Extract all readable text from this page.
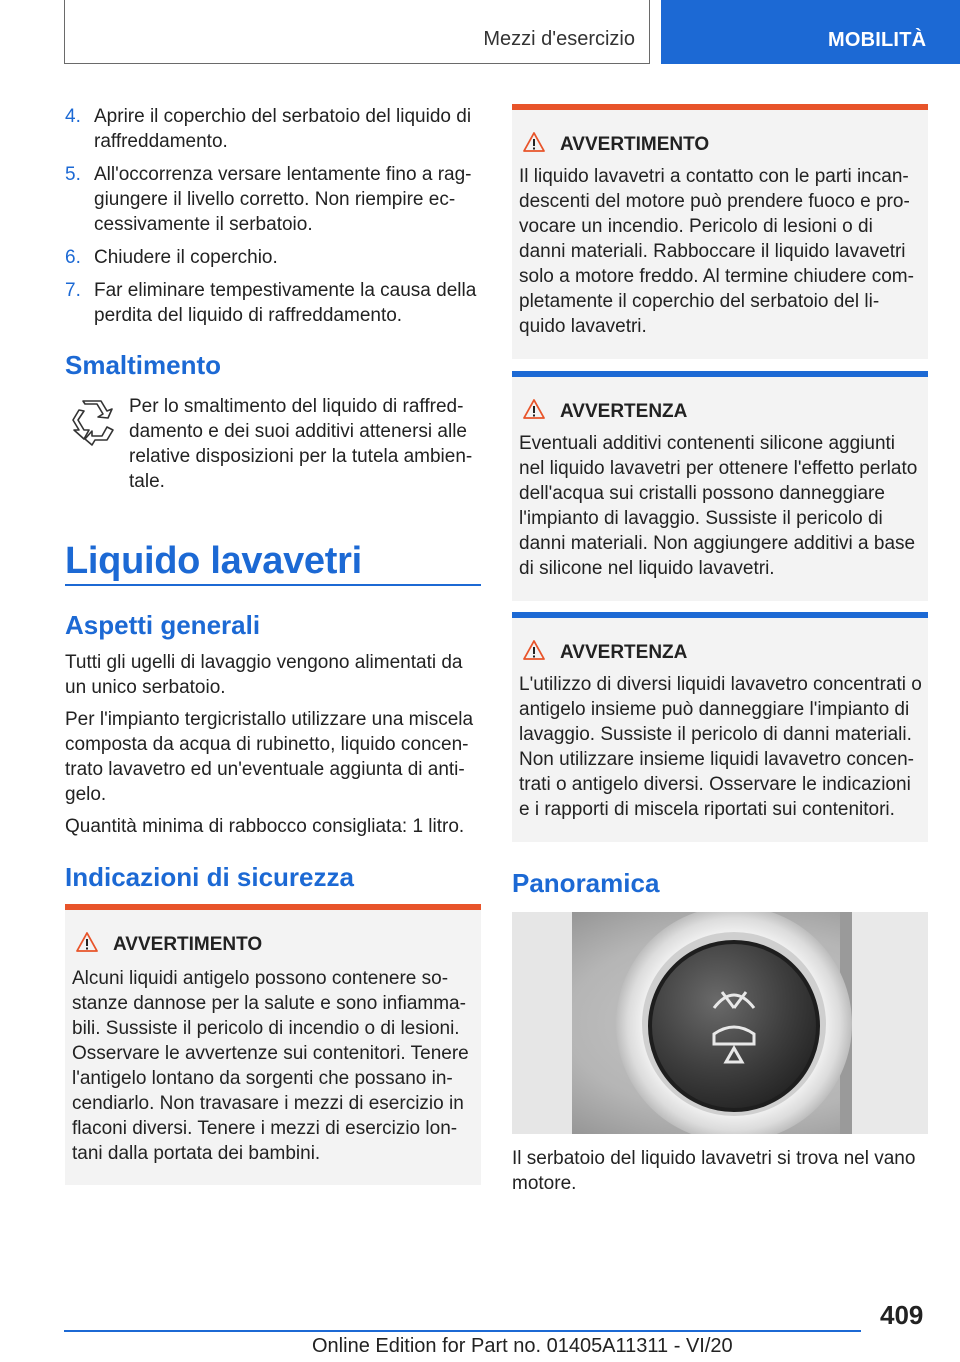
Mezzi d'esercizio	MOBILITÀ
4. Aprire il coperchio del serbatoio del liquido di raffreddamento.
5. All'occorrenza versare lentamente fino a rag‐giungere il livello corretto. Non riempire ec‐cessivamente il serbatoio.
6. Chiudere il coperchio.
7. Far eliminare tempestivamente la causa della perdita del liquido di raffreddamento.
Smaltimento
Per lo smaltimento del liquido di raffred‐damento e dei suoi additivi attenersi alle relative disposizioni per la tutela ambien‐tale.
Liquido lavavetri
Aspetti generali
Tutti gli ugelli di lavaggio vengono alimentati da un unico serbatoio.
Per l'impianto tergicristallo utilizzare una miscela composta da acqua di rubinetto, liquido concen‐trato lavavetro ed un'eventuale aggiunta di anti‐gelo.
Quantità minima di rabbocco consigliata: 1 litro.
Indicazioni di sicurezza
AVVERTIMENTO
Alcuni liquidi antigelo possono contenere so‐stanze dannose per la salute e sono infiamma‐bili. Sussiste il pericolo di incendio o di lesioni. Osservare le avvertenze sui contenitori. Tenere l'antigelo lontano da sorgenti che possano in‐cendiarlo. Non travasare i mezzi di esercizio in flaconi diversi. Tenere i mezzi di esercizio lon‐tani dalla portata dei bambini.
AVVERTIMENTO
Il liquido lavavetri a contatto con le parti incan‐descenti del motore può prendere fuoco e pro‐vocare un incendio. Pericolo di lesioni o di danni materiali. Rabboccare il liquido lavavetri solo a motore freddo. Al termine chiudere com‐pletamente il coperchio del serbatoio del li‐quido lavavetri.
AVVERTENZA
Eventuali additivi contenenti silicone aggiunti nel liquido lavavetri per ottenere l'effetto perlato dell'acqua sui cristalli possono danneggiare l'impianto di lavaggio. Sussiste il pericolo di danni materiali. Non aggiungere additivi a base di silicone nel liquido lavavetri.
AVVERTENZA
L'utilizzo di diversi liquidi lavavetro concentrati o antigelo insieme può danneggiare l'impianto di lavaggio. Sussiste il pericolo di danni materiali. Non utilizzare insieme liquidi lavavetro concen‐trati o antigelo diversi. Osservare le indicazioni e i rapporti di miscela riportati sui contenitori.
Panoramica
Il serbatoio del liquido lavavetri si trova nel vano motore.
409
Online Edition for Part no. 01405A11311 - VI/20
